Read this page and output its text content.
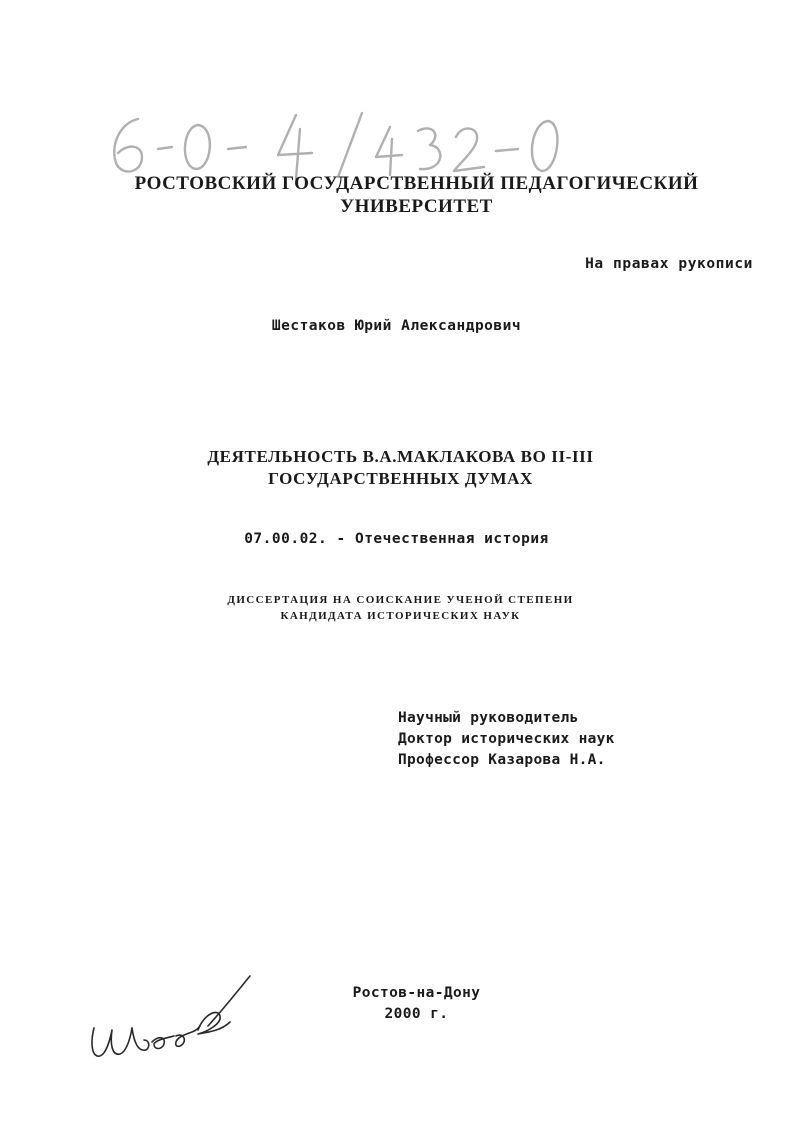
РОСТОВСКИЙ ГОСУДАРСТВЕННЫЙ ПЕДАГОГИЧЕСКИЙ
УНИВЕРСИТЕТ
На правах рукописи
Шестаков Юрий Александрович
ДЕЯТЕЛЬНОСТЬ В.А.МАКЛАКОВА ВО II-III
ГОСУДАРСТВЕННЫХ ДУМАХ
07.00.02. - Отечественная история
ДИССЕРТАЦИЯ НА СОИСКАНИЕ УЧЕНОЙ СТЕПЕНИ
КАНДИДАТА ИСТОРИЧЕСКИХ НАУК
Научный руководитель
Доктор исторических наук
Профессор Казарова Н.А.
Ростов-на-Дону
2000 г.
